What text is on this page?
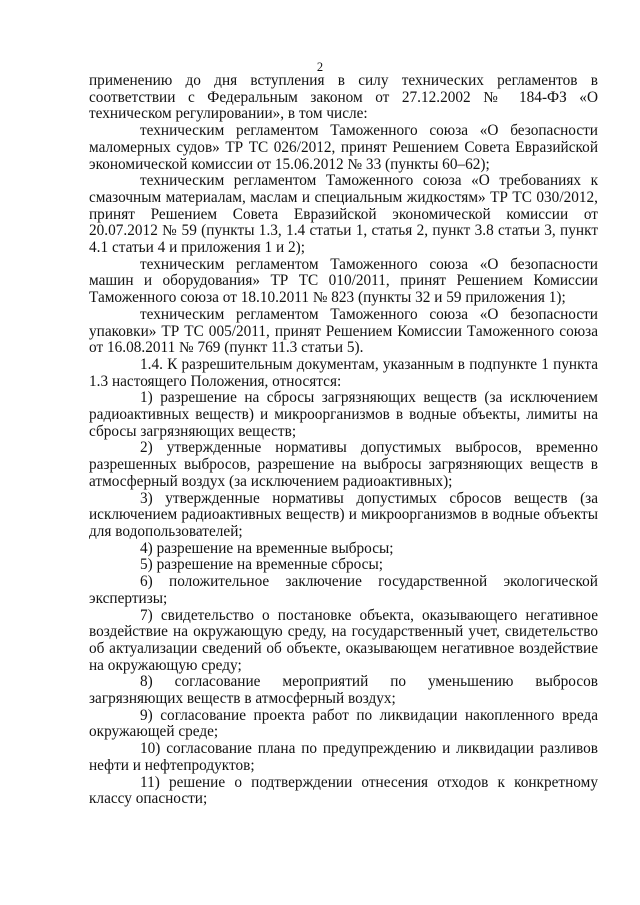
2

применению до дня вступления в силу технических регламентов в соответствии с Федеральным законом от 27.12.2002 № 184-ФЗ «О техническом регулировании», в том числе:

техническим регламентом Таможенного союза «О безопасности маломерных судов» ТР ТС 026/2012, принят Решением Совета Евразийской экономической комиссии от 15.06.2012 № 33 (пункты 60–62);

техническим регламентом Таможенного союза «О требованиях к смазочным материалам, маслам и специальным жидкостям» ТР ТС 030/2012, принят Решением Совета Евразийской экономической комиссии от 20.07.2012 № 59 (пункты 1.3, 1.4 статьи 1, статья 2, пункт 3.8 статьи 3, пункт 4.1 статьи 4 и приложения 1 и 2);

техническим регламентом Таможенного союза «О безопасности машин и оборудования» ТР ТС 010/2011, принят Решением Комиссии Таможенного союза от 18.10.2011 № 823 (пункты 32 и 59 приложения 1);

техническим регламентом Таможенного союза «О безопасности упаковки» ТР ТС 005/2011, принят Решением Комиссии Таможенного союза от 16.08.2011 № 769 (пункт 11.3 статьи 5).

1.4. К разрешительным документам, указанным в подпункте 1 пункта 1.3 настоящего Положения, относятся:

1) разрешение на сбросы загрязняющих веществ (за исключением радиоактивных веществ) и микроорганизмов в водные объекты, лимиты на сбросы загрязняющих веществ;

2) утвержденные нормативы допустимых выбросов, временно разрешенных выбросов, разрешение на выбросы загрязняющих веществ в атмосферный воздух (за исключением радиоактивных);

3) утвержденные нормативы допустимых сбросов веществ (за исключением радиоактивных веществ) и микроорганизмов в водные объекты для водопользователей;

4) разрешение на временные выбросы;

5) разрешение на временные сбросы;

6) положительное заключение государственной экологической экспертизы;

7) свидетельство о постановке объекта, оказывающего негативное воздействие на окружающую среду, на государственный учет, свидетельство об актуализации сведений об объекте, оказывающем негативное воздействие на окружающую среду;

8) согласование мероприятий по уменьшению выбросов загрязняющих веществ в атмосферный воздух;

9) согласование проекта работ по ликвидации накопленного вреда окружающей среде;

10) согласование плана по предупреждению и ликвидации разливов нефти и нефтепродуктов;

11) решение о подтверждении отнесения отходов к конкретному классу опасности;
